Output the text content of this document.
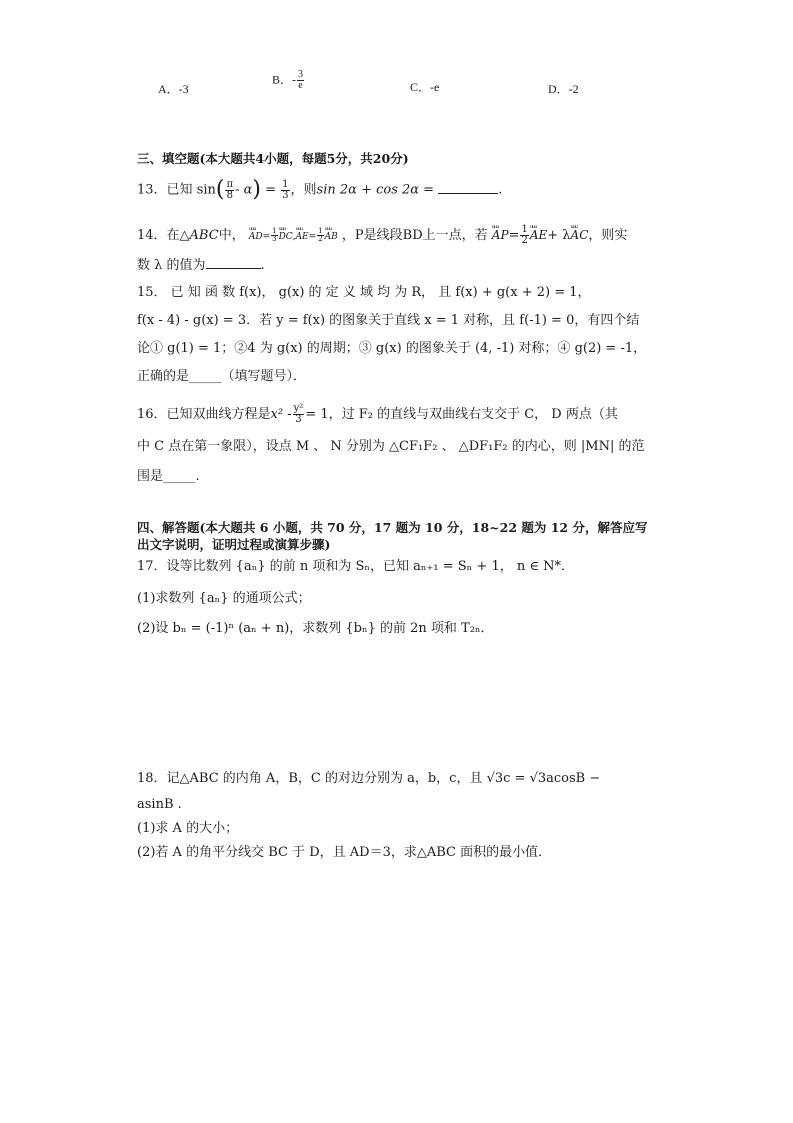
A．-3
B．- $\frac{3}{e}$	C．-e	D．-2
三、填空题(本大题共4小题，每题5分，共20分)
13．已知 $\sin( \frac{\pi}{8} - \alpha) = \frac{1}{3}$ ，则sin 2α + cos 2α =	.
14．在△ABC中， uuu $AD= \frac{1}{3}$ uuu DC,uuu $AE= \frac{1}{2}$ uuu AB ，P是线段BD上一点，若 uuu $AP= \frac{1}{2}$ uuu AE+ λuuu AC，则实
数 λ 的值为	.
15． 已 知 函 数 f(x)， g(x) 的 定 义 域 均 为 R， 且 f(x) + g(x + 2) = 1，
f(x - 4) - g(x) = 3．若 y = f(x) 的图象关于直线 x = 1 对称，且 f(-1) = 0，有四个结
论① g(1) = 1；②4 为 g(x) 的周期；③ g(x) 的图象关于 (4, -1) 对称；④ g(2) = -1，
正确的是_____（填写题号）．
16．已知双曲线方程是$x^2 - \frac{\text{y²}}{3} = 1$，过 F₂ 的直线与双曲线右支交于 C， D 两点（其
中 C 点在第一象限），设点 M 、 N 分别为 △CF₁F₂ 、 △DF₁F₂ 的内心，则 |MN| 的范
围是_____.
四、解答题(本大题共 6 小题，共 70 分，17 题为 10 分，18~22 题为 12 分，解答应写
出文字说明，证明过程或演算步骤)
17．设等比数列 {aₙ} 的前 n 项和为 Sₙ，已知 aₙ₊₁ = Sₙ + 1， n ∈ N*．
(1)求数列 {aₙ} 的通项公式；
(2)设 bₙ = (-1)ⁿ (aₙ + n)，求数列 {bₙ} 的前 2n 项和 T₂ₙ．
18．记△ABC 的内角 A，B，C 的对边分别为 a，b，c，且 √3c = √3acosB −
asinB .
(1)求 A 的大小；
(2)若 A 的角平分线交 BC 于 D，且 AD＝3，求△ABC 面积的最小值．
